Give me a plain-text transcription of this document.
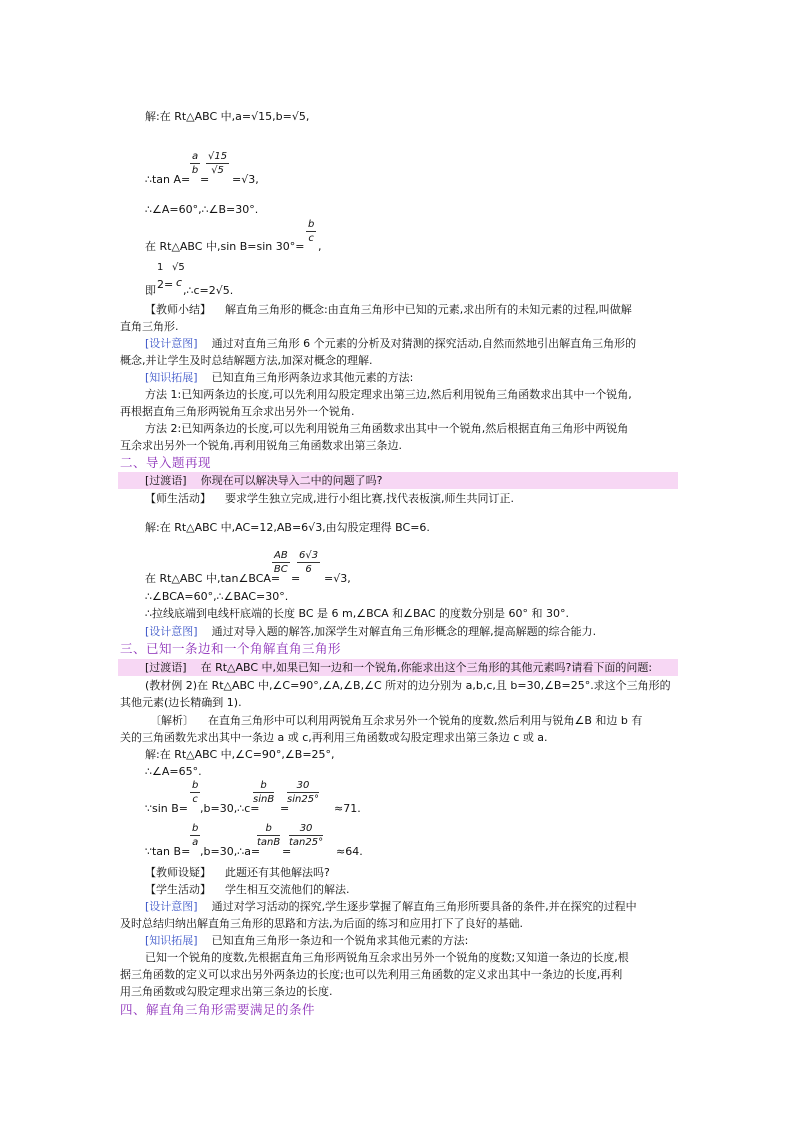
解:在 Rt△ABC 中,a=√15,b=√5,
$\frac{a}{b} \frac{√15}{√5}$
∴tan A= = =√3,
∴∠A=60°,∴∠B=30°.
在 Rt△ABC 中,sin B=sin 30°=
$\frac{b}{c}$
,
1 √5
即 2= c
,∴c=2√5.
【教师小结】 解直角三角形的概念:由直角三角形中已知的元素,求出所有的未知元素的过程,叫做解
直角三角形.
[设计意图] 通过对直角三角形 6 个元素的分析及对猜测的探究活动,自然而然地引出解直角三角形的
概念,并让学生及时总结解题方法,加深对概念的理解.
[知识拓展] 已知直角三角形两条边求其他元素的方法:
方法 1:已知两条边的长度,可以先利用勾股定理求出第三边,然后利用锐角三角函数求出其中一个锐角,
再根据直角三角形两锐角互余求出另外一个锐角.
方法 2:已知两条边的长度,可以先利用锐角三角函数求出其中一个锐角,然后根据直角三角形中两锐角
互余求出另外一个锐角,再利用锐角三角函数求出第三条边.
二、导入题再现
[过渡语] 你现在可以解决导入二中的问题了吗?
【师生活动】 要求学生独立完成,进行小组比赛,找代表板演,师生共同订正.
解:在 Rt△ABC 中,AC=12,AB=6√3,由勾股定理得 BC=6.
$\frac{AB}{BC} \frac{6√3}{6}$
在 Rt△ABC 中,tan∠BCA= = =√3,
∴∠BCA=60°,∴∠BAC=30°.
∴拉线底端到电线杆底端的长度 BC 是 6 m,∠BCA 和∠BAC 的度数分别是 60° 和 30°.
[设计意图] 通过对导入题的解答,加深学生对解直角三角形概念的理解,提高解题的综合能力.
三、已知一条边和一个角解直角三角形
[过渡语] 在 Rt△ABC 中,如果已知一边和一个锐角,你能求出这个三角形的其他元素吗?请看下面的问题:
(教材例 2)在 Rt△ABC 中,∠C=90°,∠A,∠B,∠C 所对的边分别为 a,b,c,且 b=30,∠B=25°.求这个三角形的
其他元素(边长精确到 1).
〔解析〕 在直角三角形中可以利用两锐角互余求另外一个锐角的度数,然后利用与锐角∠B 和边 b 有
关的三角函数先求出其中一条边 a 或 c,再利用三角函数或勾股定理求出第三条边 c 或 a.
解:在 Rt△ABC 中,∠C=90°,∠B=25°,
∴∠A=65°.
$\frac{b}{c}$
∵sin B= ,b=30,∴c=
$\frac{b}{\sin B}$
=
$\frac{30}{\sin 25^\circ}$
≈71.
$\frac{b}{a}$
∵tan B= ,b=30,∴a=
$\frac{b}{\tan B}$
=
$\frac{30}{\tan 25^\circ}$
≈64.
【教师设疑】 此题还有其他解法吗?
【学生活动】 学生相互交流他们的解法.
[设计意图] 通过对学习活动的探究,学生逐步掌握了解直角三角形所要具备的条件,并在探究的过程中
及时总结归纳出解直角三角形的思路和方法,为后面的练习和应用打下了良好的基础.
[知识拓展] 已知直角三角形一条边和一个锐角求其他元素的方法:
已知一个锐角的度数,先根据直角三角形两锐角互余求出另外一个锐角的度数;又知道一条边的长度,根
据三角函数的定义可以求出另外两条边的长度;也可以先利用三角函数的定义求出其中一条边的长度,再利
用三角函数或勾股定理求出第三条边的长度.
四、解直角三角形需要满足的条件
